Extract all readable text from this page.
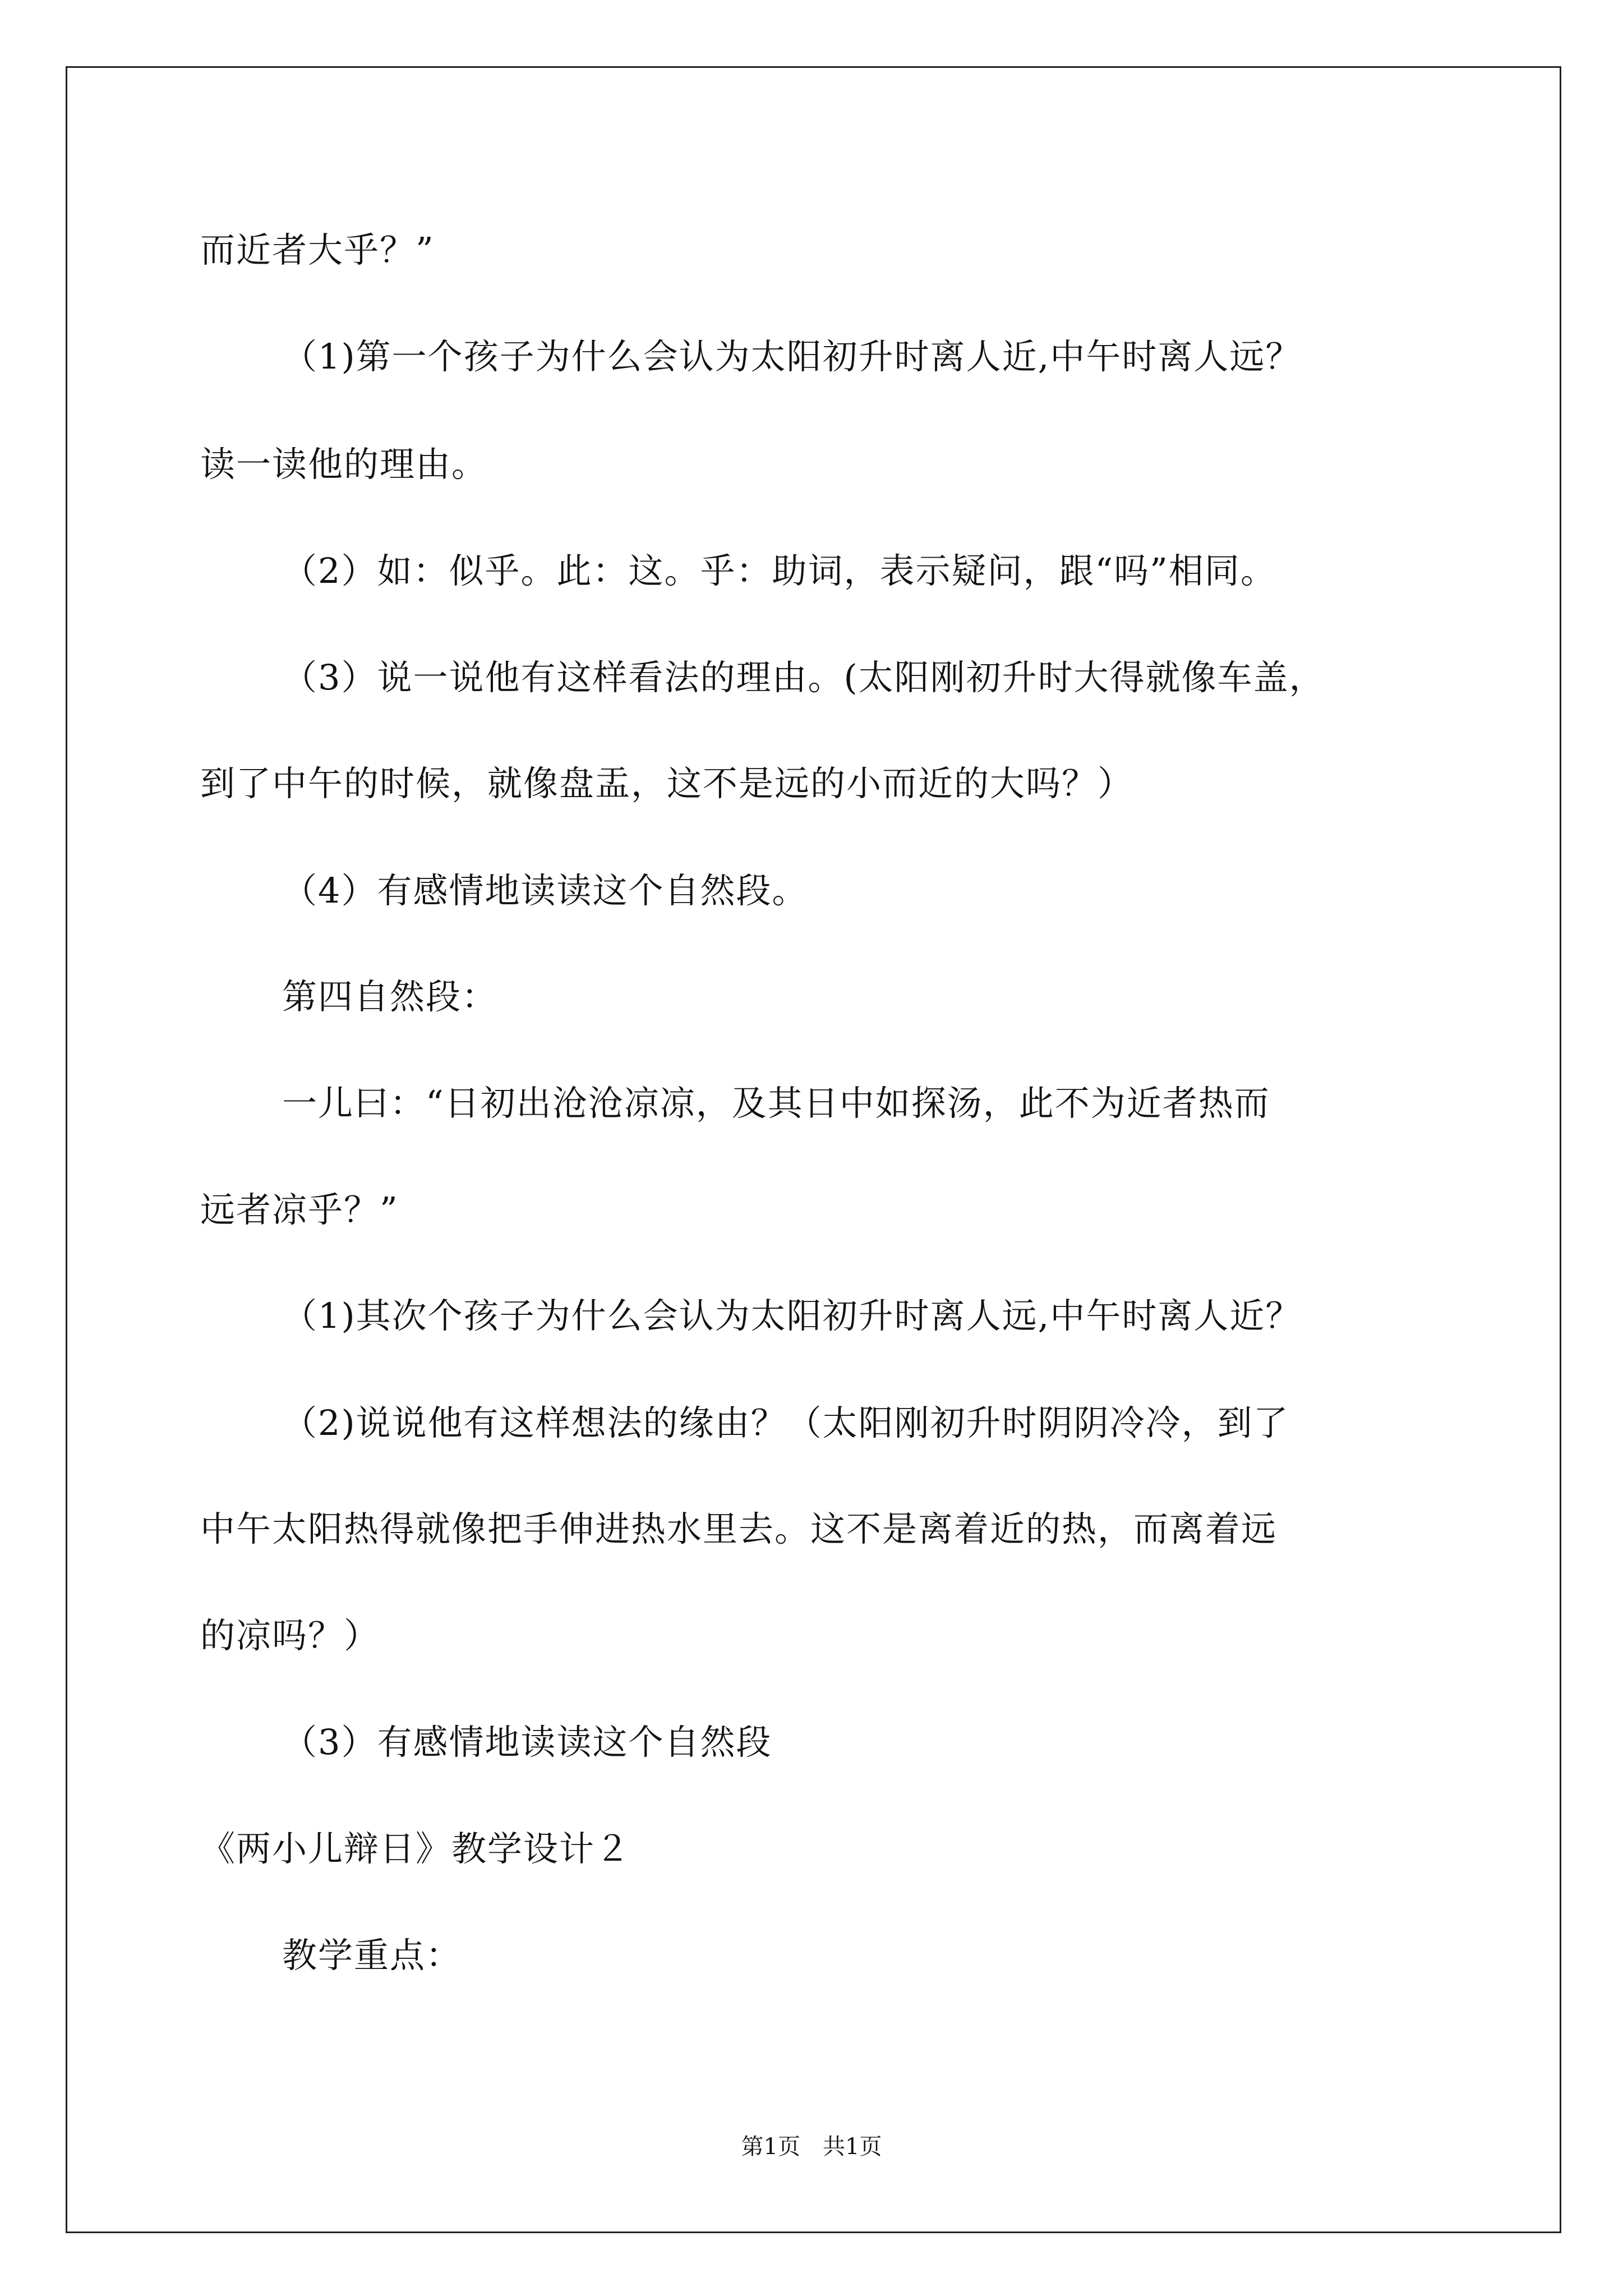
而近者大乎？”
（1)第一个孩子为什么会认为太阳初升时离人近,中午时离人远？
读一读他的理由。
（2）如：似乎。此：这。乎：助词，表示疑问，跟“吗”相同。
（3）说一说他有这样看法的理由。(太阳刚初升时大得就像车盖，
到了中午的时候，就像盘盂，这不是远的小而近的大吗？）
（4）有感情地读读这个自然段。
第四自然段：
一儿曰：“日初出沧沧凉凉，及其日中如探汤，此不为近者热而
远者凉乎？”
（1)其次个孩子为什么会认为太阳初升时离人远,中午时离人近？
（2)说说他有这样想法的缘由？（太阳刚初升时阴阴冷冷，到了
中午太阳热得就像把手伸进热水里去。这不是离着近的热，而离着远
的凉吗？）
（3）有感情地读读这个自然段
《两小儿辩日》教学设计２
教学重点：
第1页　共1页
